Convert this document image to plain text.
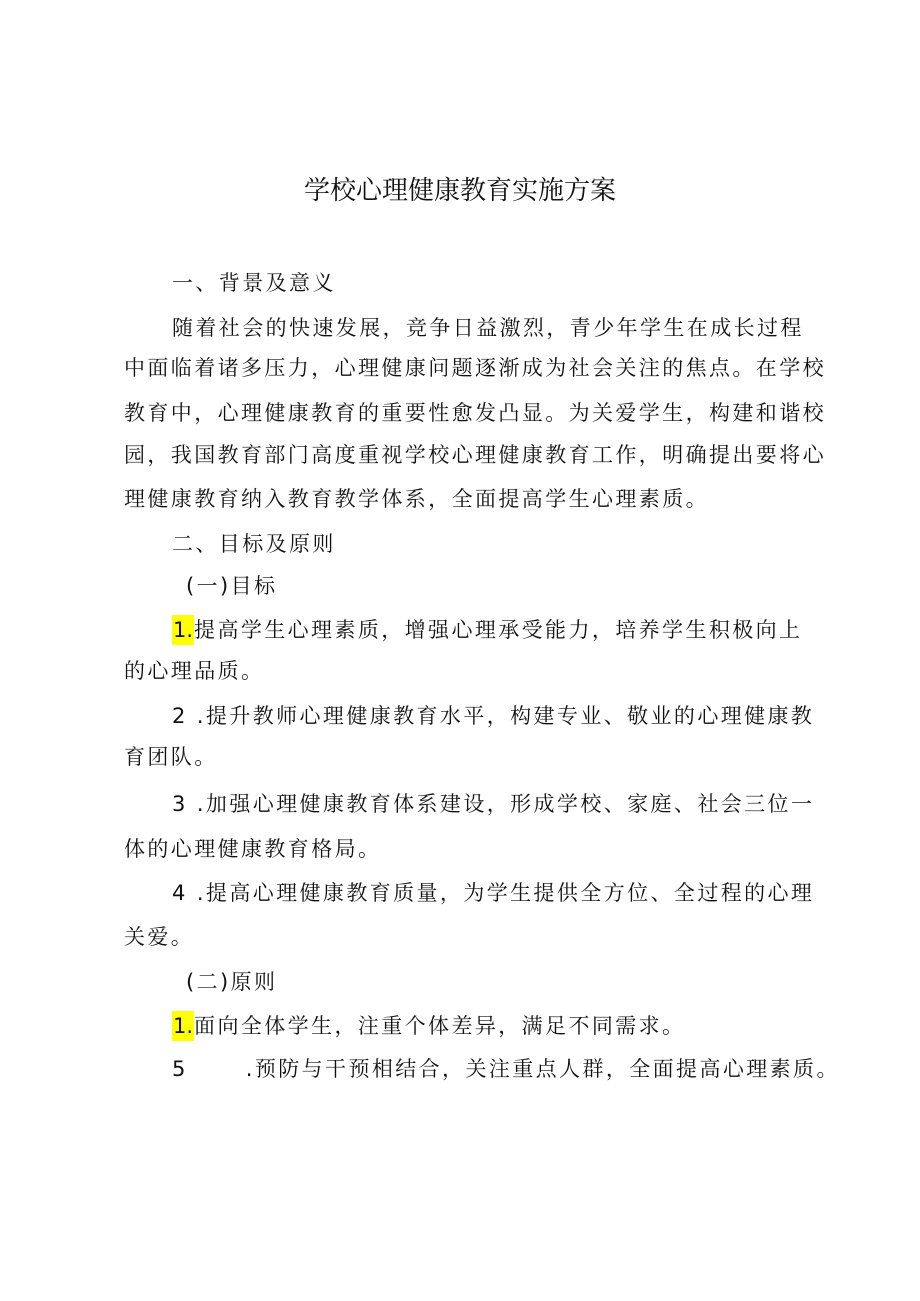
学校心理健康教育实施方案
一、背景及意义
随着社会的快速发展，竞争日益激烈，青少年学生在成长过程
中面临着诸多压力，心理健康问题逐渐成为社会关注的焦点。在学校
教育中，心理健康教育的重要性愈发凸显。为关爱学生，构建和谐校
园，我国教育部门高度重视学校心理健康教育工作，明确提出要将心
理健康教育纳入教育教学体系，全面提高学生心理素质。
二、目标及原则
(一)目标
1.提高学生心理素质，增强心理承受能力，培养学生积极向上
的心理品质。
2 .提升教师心理健康教育水平，构建专业、敬业的心理健康教
育团队。
3 .加强心理健康教育体系建设，形成学校、家庭、社会三位一
体的心理健康教育格局。
4 .提高心理健康教育质量，为学生提供全方位、全过程的心理
关爱。
(二)原则
1.面向全体学生，注重个体差异，满足不同需求。
5	.预防与干预相结合，关注重点人群，全面提高心理素质。
